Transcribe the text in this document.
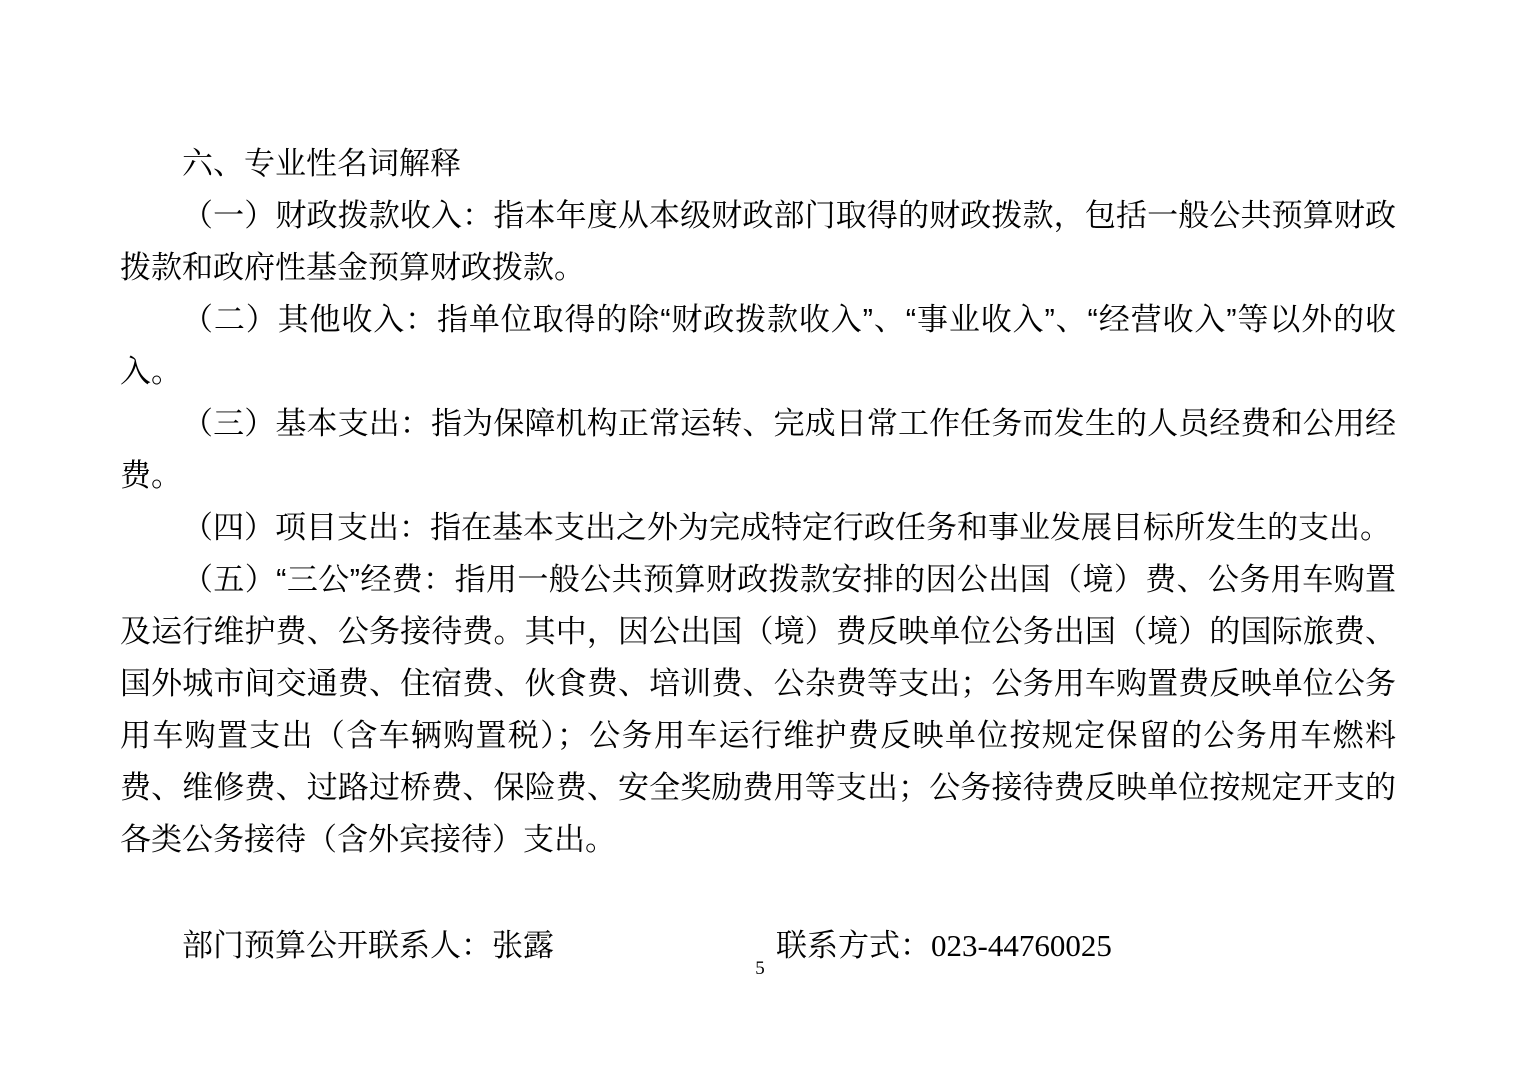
六、专业性名词解释

（一）财政拨款收入：指本年度从本级财政部门取得的财政拨款，包括一般公共预算财政拨款和政府性基金预算财政拨款。

（二）其他收入：指单位取得的除“财政拨款收入”、“事业收入”、“经营收入”等以外的收入。

（三）基本支出：指为保障机构正常运转、完成日常工作任务而发生的人员经费和公用经费。

（四）项目支出：指在基本支出之外为完成特定行政任务和事业发展目标所发生的支出。

（五）“三公”经费：指用一般公共预算财政拨款安排的因公出国（境）费、公务用车购置及运行维护费、公务接待费。其中，因公出国（境）费反映单位公务出国（境）的国际旅费、国外城市间交通费、住宿费、伙食费、培训费、公杂费等支出；公务用车购置费反映单位公务用车购置支出（含车辆购置税）；公务用车运行维护费反映单位按规定保留的公务用车燃料费、维修费、过路过桥费、保险费、安全奖励费用等支出；公务接待费反映单位按规定开支的各类公务接待（含外宾接待）支出。

部门预算公开联系人：张露	联系方式：023-44760025
5
